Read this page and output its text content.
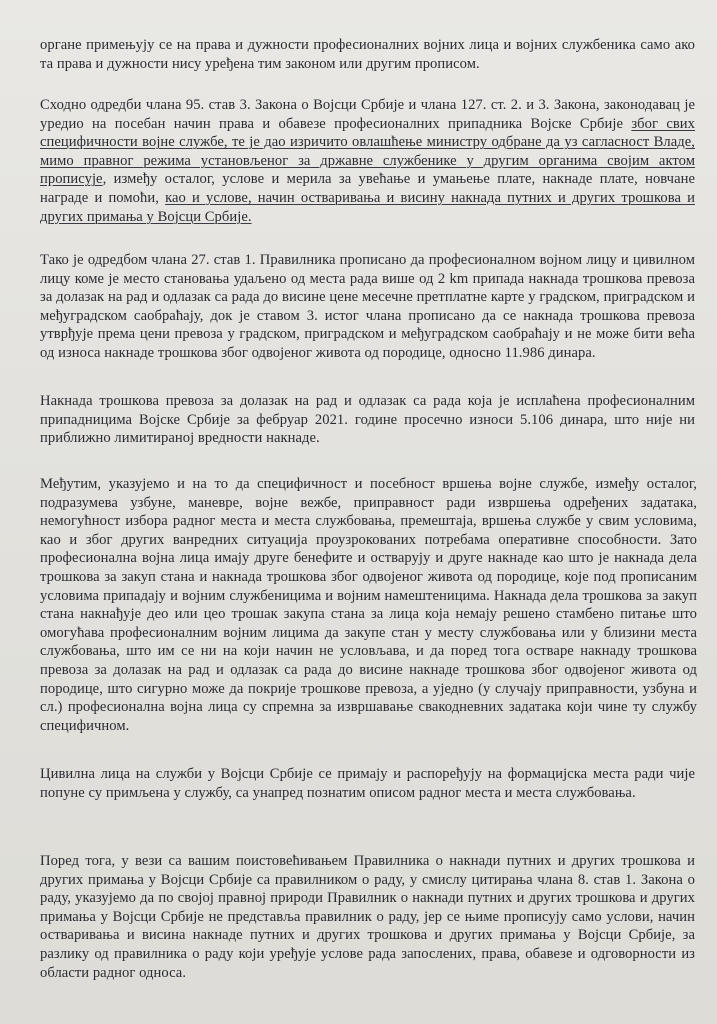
органе примењују се на права и дужности професионалних војних лица и војних службеника само ако та права и дужности нису уређена тим законом или другим прописом.

Сходно одредби члана 95. став 3. Закона о Војсци Србије и члана 127. ст. 2. и 3. Закона, законодавац је уредио на посебан начин права и обавезе професионалних припадника Војске Србије због свих специфичности војне службе, те је дао изричито овлашћење министру одбране да уз сагласност Владе, мимо правног режима установљеног за државне службенике у другим органима својим актом прописује, између осталог, услове и мерила за увећање и умањење плате, накнаде плате, новчане награде и помоћи, као и услове, начин остваривања и висину накнада путних и других трошкова и других примања у Војсци Србије.

Тако је одредбом члана 27. став 1. Правилника прописано да професионалном војном лицу и цивилном лицу коме је место становања удаљено од места рада више од 2 km припада накнада трошкова превоза за долазак на рад и одлазак са рада до висине цене месечне претплатне карте у градском, приградском и међуградском саобраћају, док је ставом 3. истог члана прописано да се накнада трошкова превоза утврђује према цени превоза у градском, приградском и међуградском саобраћају и не може бити већа од износа накнаде трошкова због одвојеног живота од породице, односно 11.986 динара.

Накнада трошкова превоза за долазак на рад и одлазак са рада која је исплаћена професионалним припадницима Војске Србије за фебруар 2021. године просечно износи 5.106 динара, што није ни приближно лимитираној вредности накнаде.

Међутим, указујемо и на то да специфичност и посебност вршења војне службе, између осталог, подразумева узбуне, маневре, војне вежбе, приправност ради извршења одређених задатака, немогућност избора радног места и места службовања, премештаја, вршења службе у свим условима, као и због других ванредних ситуација проузрокованих потребама оперативне способности. Зато професионална војна лица имају друге бенефите и остварују и друге накнаде као што је накнада дела трошкова за закуп стана и накнада трошкова због одвојеног живота од породице, које под прописаним условима припадају и војним службеницима и војним намештеницима. Накнада дела трошкова за закуп стана накнађује део или цео трошак закупа стана за лица која немају решено стамбено питање што омогућава професионалним војним лицима да закупе стан у месту службовања или у близини места службовања, што им се ни на који начин не условљава, и да поред тога остваре накнаду трошкова превоза за долазак на рад и одлазак са рада до висине накнаде трошкова због одвојеног живота од породице, што сигурно може да покрије трошкове превоза, а уједно (у случају приправности, узбуна и сл.) професионална војна лица су спремна за извршавање свакодневних задатака који чине ту службу специфичном.

Цивилна лица на служби у Војсци Србије се примају и распоређују на формацијска места ради чије попуне су примљена у службу, са унапред познатим описом радног места и места службовања.

Поред тога, у вези са вашим поистовећивањем Правилника о накнади путних и других трошкова и других примања у Војсци Србије са правилником о раду, у смислу цитирања члана 8. став 1. Закона о раду, указујемо да по својој правној природи Правилник о накнади путних и других трошкова и других примања у Војсци Србије не представља правилник о раду, јер се њиме прописују само услови, начин остваривања и висина накнаде путних и других трошкова и других примања у Војсци Србије, за разлику од правилника о раду који уређује услове рада запослених, права, обавезе и одговорности из области радног односа.
